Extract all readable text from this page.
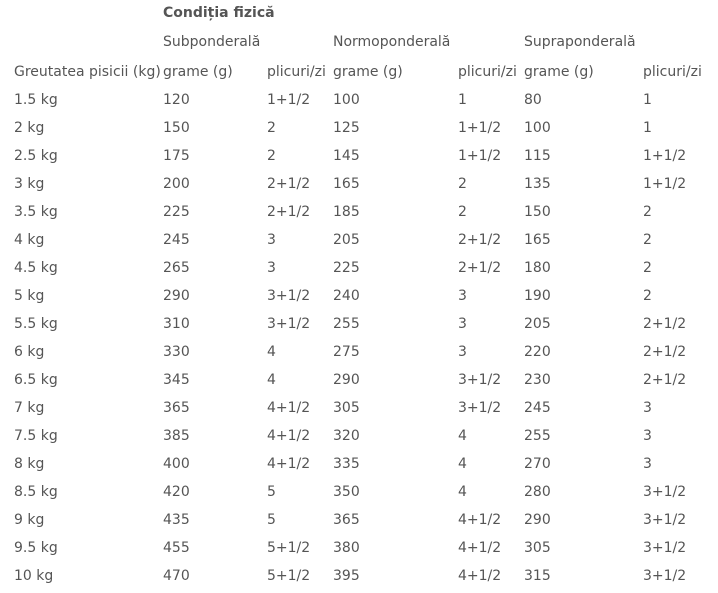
Condiția fizică
Subponderală	Normoponderală	Supraponderală
Greutatea pisicii (kg)	grame (g)	plicuri/zi	grame (g)	plicuri/zi	grame (g)	plicuri/zi
1.5 kg	120	1+1/2	100	1	80	1
2 kg	150	2	125	1+1/2	100	1
2.5 kg	175	2	145	1+1/2	115	1+1/2
3 kg	200	2+1/2	165	2	135	1+1/2
3.5 kg	225	2+1/2	185	2	150	2
4 kg	245	3	205	2+1/2	165	2
4.5 kg	265	3	225	2+1/2	180	2
5 kg	290	3+1/2	240	3	190	2
5.5 kg	310	3+1/2	255	3	205	2+1/2
6 kg	330	4	275	3	220	2+1/2
6.5 kg	345	4	290	3+1/2	230	2+1/2
7 kg	365	4+1/2	305	3+1/2	245	3
7.5 kg	385	4+1/2	320	4	255	3
8 kg	400	4+1/2	335	4	270	3
8.5 kg	420	5	350	4	280	3+1/2
9 kg	435	5	365	4+1/2	290	3+1/2
9.5 kg	455	5+1/2	380	4+1/2	305	3+1/2
10 kg	470	5+1/2	395	4+1/2	315	3+1/2
